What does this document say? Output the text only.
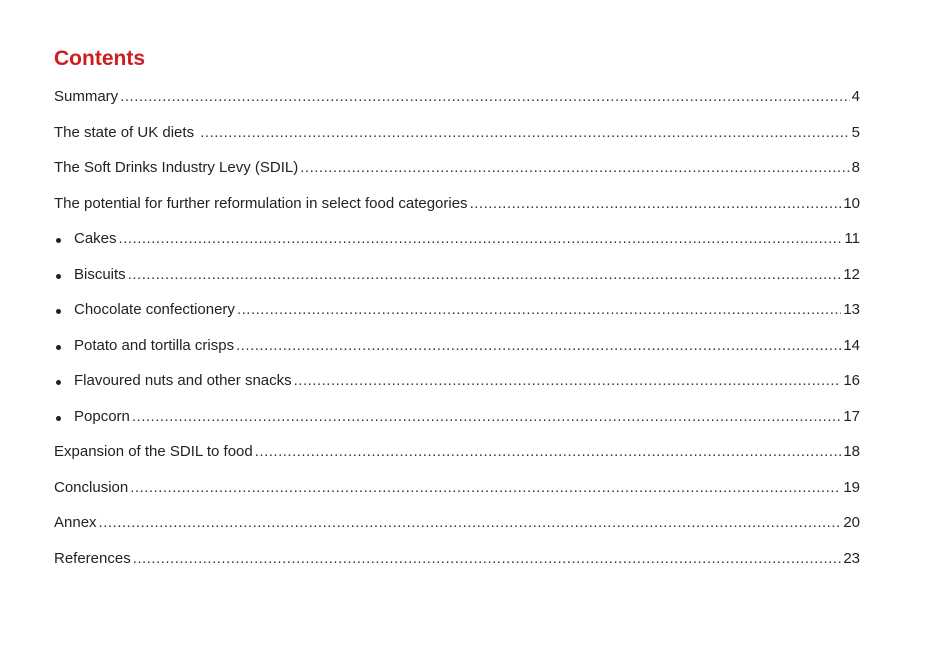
Contents
Summary .....	4
The state of UK diets .....	5
The Soft Drinks Industry Levy (SDIL) .....	8
The potential for further reformulation in select food categories .....	10
Cakes .....	11
Biscuits .....	12
Chocolate confectionery .....	13
Potato and tortilla crisps .....	14
Flavoured nuts and other snacks .....	16
Popcorn .....	17
Expansion of the SDIL to food .....	18
Conclusion .....	19
Annex .....	20
References .....	23
